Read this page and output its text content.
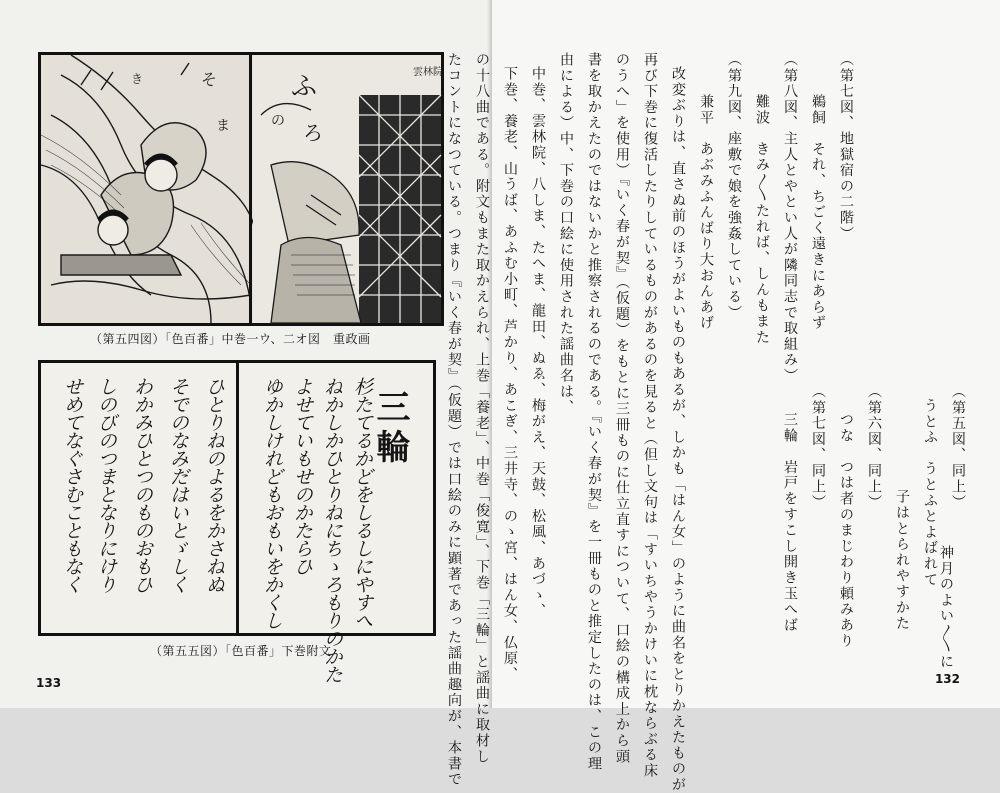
そ
ま
き	ふ
ろ
の
雲林院
（第五四図）「色百番」中巻一ウ、二オ図　重政画
三輪
杉たてるかどをしるしにやすへ
ねかしかひとりねにちゝろもりのかた
よせていもせのかたらひ
ゆかしけれどもおもいをかくし
ひとりねのよるをかさねぬ
そでのなみだはいとゞしく
わかみひとつのものおもひ
しのびのつまとなりにけり
せめてなぐさむこともなく
（第五五図）「色百番」下巻附文
133
（第七図、地獄宿の二階）
鵜飼　それ、ちごく遠きにあらず
（第八図、主人とやとい人が隣同志で取組み）
難波　きみ〳〵たれば、しんもまた
（第九図、座敷で娘を強姦している）
兼平　あぶみふんばり大おんあげ
改変ぶりは、直さぬ前のほうがよいものもあるが、しかも「はん女」のように曲名をとりかえたものが
再び下巻に復活したりしているものがあるのを見ると（但し文句は「すいちやうかけいに枕ならぶる床
のうへ」を使用）『いく春が契』（仮題）をもとに三冊ものに仕立直すについて、口絵の構成上から頭
書を取かえたのではないかと推察されるのである。『いく春が契』を一冊ものと推定したのは、この理
由による）中、下巻の口絵に使用された謡曲名は、
中巻、雲林院、八しま、たへま、龍田、ぬゑ、梅がえ、天鼓、松風、あづゝ、
下巻、養老、山うば、あふむ小町、芦かり、あこぎ、三井寺、のゝ宮、はん女、仏原、
の十八曲である。附文もまた取かえられ、上巻「養老」、中巻「俊寛」、下巻「三輪」と謡曲に取材し
たコントになつている。つまり『いく春が契』（仮題）では口絵のみに顕著であった謡曲趣向が、本書で	（第五図、同上）
うとふ　うとふとよばれて
　　　　子はとられやすかた
（第六図、同上）
つな　つは者のまじわり頼みあり
（第七図、同上）
三輪　岩戸をすこし開き玉へば	神月のよい〳〵に
132
